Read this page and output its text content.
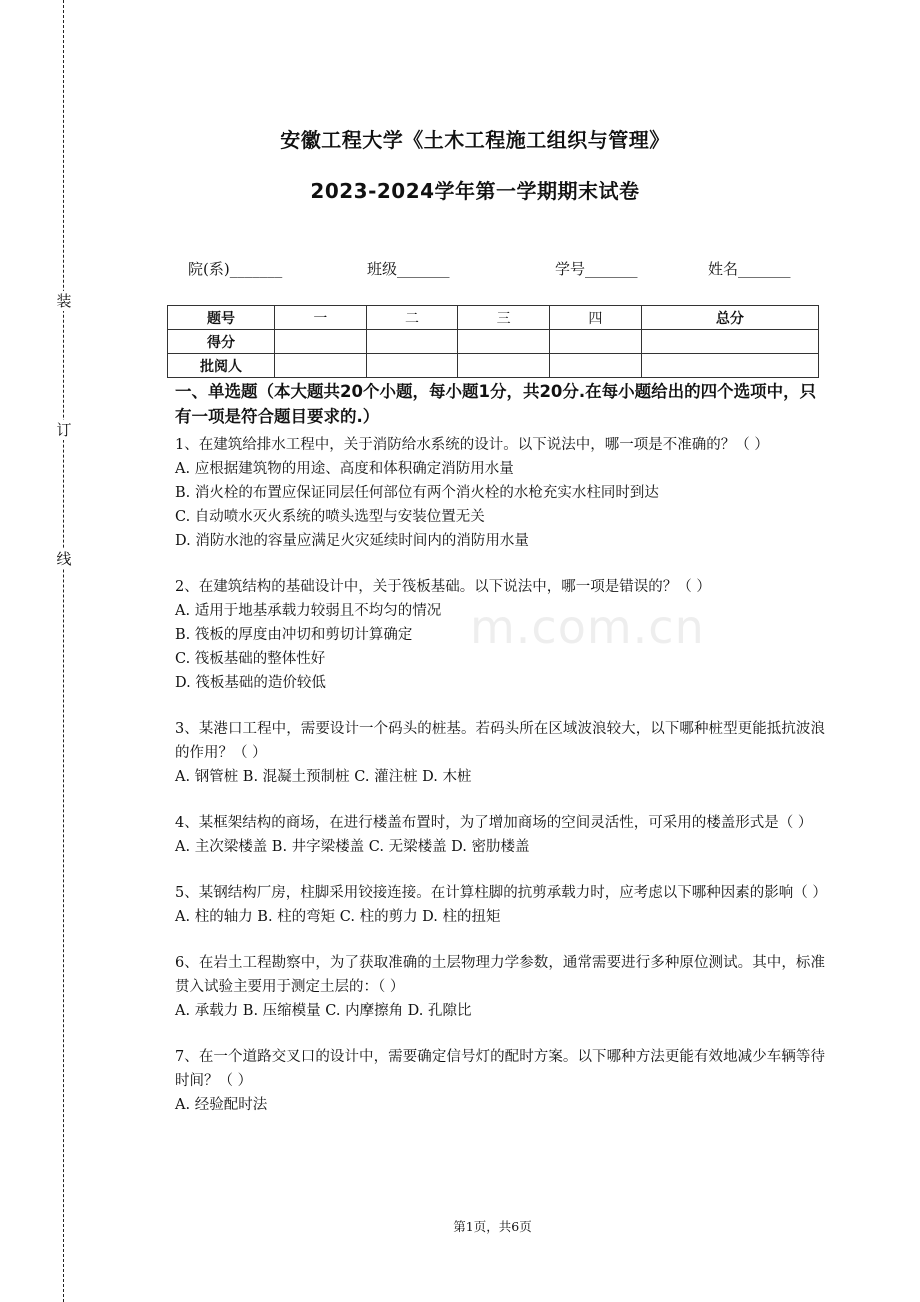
装
订
线
m.com.cn
安徽工程大学《土木工程施工组织与管理》
2023-2024学年第一学期期末试卷
院(系)_______	班级_______	学号_______	姓名_______
题号	一	二	三	四	总分
得分					
批阅人					
一、单选题（本大题共20个小题，每小题1分，共20分.在每小题给出的四个选项中，只有一项是符合题目要求的.）

1、在建筑给排水工程中，关于消防给水系统的设计。以下说法中，哪一项是不准确的？（ ）

A. 应根据建筑物的用途、高度和体积确定消防用水量

B. 消火栓的布置应保证同层任何部位有两个消火栓的水枪充实水柱同时到达

C. 自动喷水灭火系统的喷头选型与安装位置无关

D. 消防水池的容量应满足火灾延续时间内的消防用水量

2、在建筑结构的基础设计中，关于筏板基础。以下说法中，哪一项是错误的？（ ）

A. 适用于地基承载力较弱且不均匀的情况

B. 筏板的厚度由冲切和剪切计算确定

C. 筏板基础的整体性好

D. 筏板基础的造价较低

3、某港口工程中，需要设计一个码头的桩基。若码头所在区域波浪较大，以下哪种桩型更能抵抗波浪的作用？（ ）

A. 钢管桩 B. 混凝土预制桩 C. 灌注桩 D. 木桩

4、某框架结构的商场，在进行楼盖布置时，为了增加商场的空间灵活性，可采用的楼盖形式是（ ）

A. 主次梁楼盖 B. 井字梁楼盖 C. 无梁楼盖 D. 密肋楼盖

5、某钢结构厂房，柱脚采用铰接连接。在计算柱脚的抗剪承载力时，应考虑以下哪种因素的影响（ ）

A. 柱的轴力 B. 柱的弯矩 C. 柱的剪力 D. 柱的扭矩

6、在岩土工程勘察中，为了获取准确的土层物理力学参数，通常需要进行多种原位测试。其中，标准贯入试验主要用于测定土层的：（ ）

A. 承载力 B. 压缩模量 C. 内摩擦角 D. 孔隙比

7、在一个道路交叉口的设计中，需要确定信号灯的配时方案。以下哪种方法更能有效地减少车辆等待时间？（ ）

A. 经验配时法

第1页，共6页
